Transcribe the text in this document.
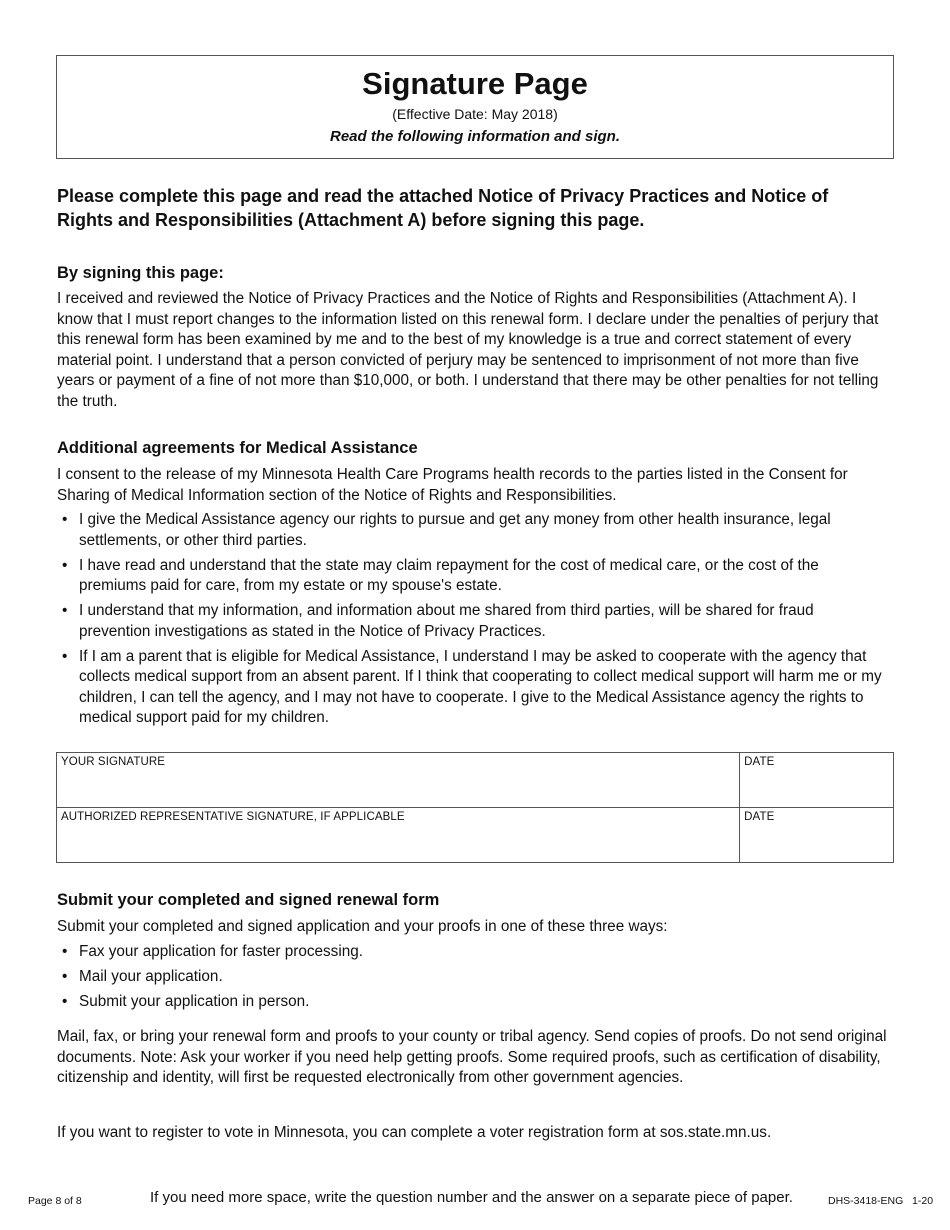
Signature Page
(Effective Date: May 2018)
Read the following information and sign.
Please complete this page and read the attached Notice of Privacy Practices and Notice of Rights and Responsibilities (Attachment A) before signing this page.
By signing this page:
I received and reviewed the Notice of Privacy Practices and the Notice of Rights and Responsibilities (Attachment A). I know that I must report changes to the information listed on this renewal form. I declare under the penalties of perjury that this renewal form has been examined by me and to the best of my knowledge is a true and correct statement of every material point. I understand that a person convicted of perjury may be sentenced to imprisonment of not more than five years or payment of a fine of not more than $10,000, or both. I understand that there may be other penalties for not telling the truth.
Additional agreements for Medical Assistance
I consent to the release of my Minnesota Health Care Programs health records to the parties listed in the Consent for Sharing of Medical Information section of the Notice of Rights and Responsibilities.
• I give the Medical Assistance agency our rights to pursue and get any money from other health insurance, legal settlements, or other third parties.
• I have read and understand that the state may claim repayment for the cost of medical care, or the cost of the premiums paid for care, from my estate or my spouse's estate.
• I understand that my information, and information about me shared from third parties, will be shared for fraud prevention investigations as stated in the Notice of Privacy Practices.
• If I am a parent that is eligible for Medical Assistance, I understand I may be asked to cooperate with the agency that collects medical support from an absent parent. If I think that cooperating to collect medical support will harm me or my children, I can tell the agency, and I may not have to cooperate. I give to the Medical Assistance agency the rights to medical support paid for my children.
YOUR SIGNATURE	DATE
AUTHORIZED REPRESENTATIVE SIGNATURE, IF APPLICABLE	DATE
Submit your completed and signed renewal form
Submit your completed and signed application and your proofs in one of these three ways:
• Fax your application for faster processing.
• Mail your application.
• Submit your application in person.
Mail, fax, or bring your renewal form and proofs to your county or tribal agency. Send copies of proofs. Do not send original documents. Note: Ask your worker if you need help getting proofs. Some required proofs, such as certification of disability, citizenship and identity, will first be requested electronically from other government agencies.
If you want to register to vote in Minnesota, you can complete a voter registration form at sos.state.mn.us.
Page 8 of 8	If you need more space, write the question number and the answer on a separate piece of paper.	DHS-3418-ENG   1-20
